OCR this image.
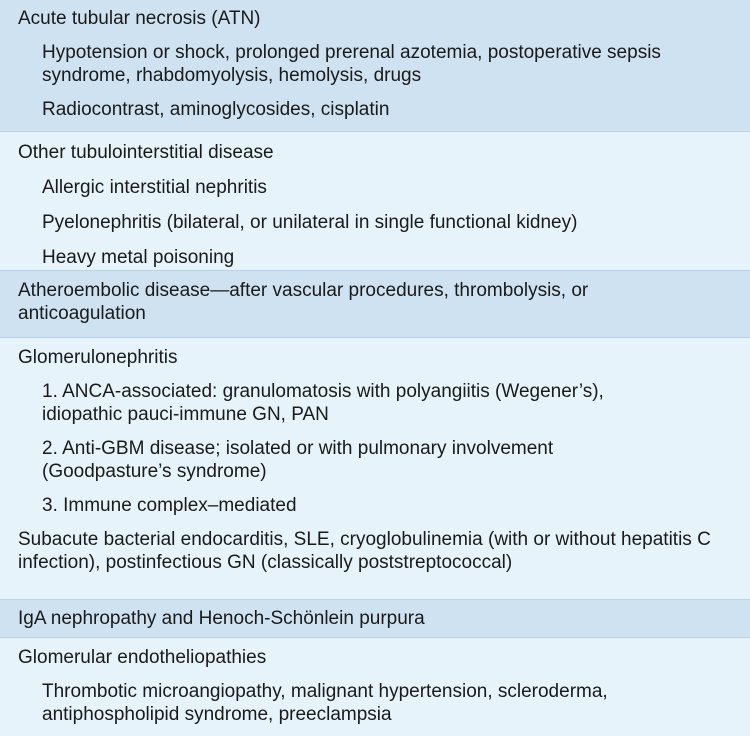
Acute tubular necrosis (ATN)

Hypotension or shock, prolonged prerenal azotemia, postoperative sepsis syndrome, rhabdomyolysis, hemolysis, drugs

Radiocontrast, aminoglycosides, cisplatin

Other tubulointerstitial disease

Allergic interstitial nephritis

Pyelonephritis (bilateral, or unilateral in single functional kidney)

Heavy metal poisoning

Atheroembolic disease—after vascular procedures, thrombolysis, or anticoagulation

Glomerulonephritis

1. ANCA-associated: granulomatosis with polyangiitis (Wegener’s), idiopathic pauci-immune GN, PAN

2. Anti-GBM disease; isolated or with pulmonary involvement (Goodpasture’s syndrome)

3. Immune complex–mediated

Subacute bacterial endocarditis, SLE, cryoglobulinemia (with or without hepatitis C infection), postinfectious GN (classically poststreptococcal)

IgA nephropathy and Henoch-Schönlein purpura

Glomerular endotheliopathies

Thrombotic microangiopathy, malignant hypertension, scleroderma, antiphospholipid syndrome, preeclampsia
